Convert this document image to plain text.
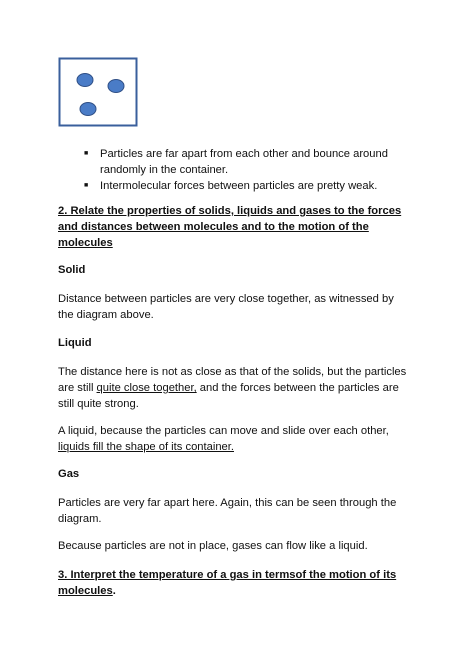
■ Particles are far apart from each other and bounce around randomly in the container.
■ Intermolecular forces between particles are pretty weak.
2. Relate the properties of solids, liquids and gases to the forces and distances between molecules and to the motion of the molecules
Solid
Distance between particles are very close together, as witnessed by the diagram above.
Liquid
The distance here is not as close as that of the solids, but the particles are still quite close together, and the forces between the particles are still quite strong.
A liquid, because the particles can move and slide over each other, liquids fill the shape of its container.
Gas
Particles are very far apart here. Again, this can be seen through the diagram.
Because particles are not in place, gases can flow like a liquid.
3. Interpret the temperature of a gas in termsof the motion of its molecules.
